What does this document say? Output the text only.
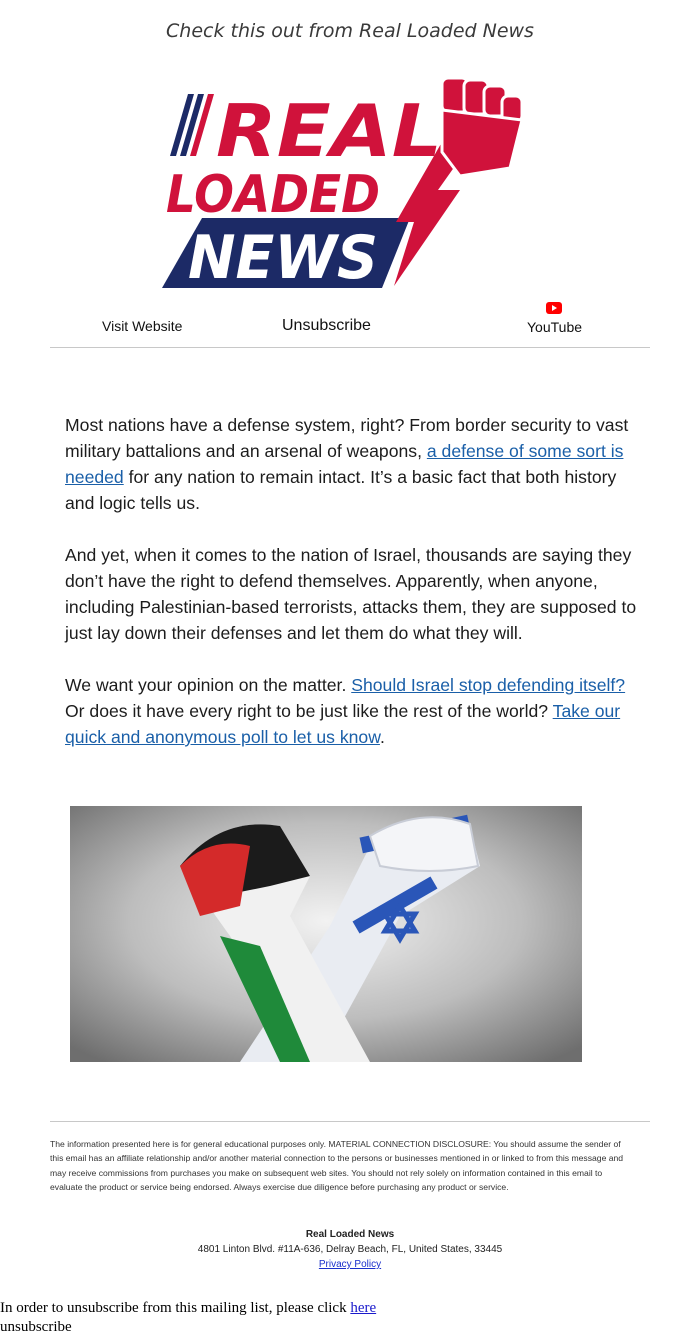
Check this out from Real Loaded News
REAL
LOADED
NEWS
Visit Website	Unsubscribe	YouTube

Most nations have a defense system, right? From border security to vast military battalions and an arsenal of weapons, a defense of some sort is needed for any nation to remain intact. It’s a basic fact that both history and logic tells us.

And yet, when it comes to the nation of Israel, thousands are saying they don’t have the right to defend themselves. Apparently, when anyone, including Palestinian-based terrorists, attacks them, they are supposed to just lay down their defenses and let them do what they will.

We want your opinion on the matter. Should Israel stop defending itself? Or does it have every right to be just like the rest of the world? Take our quick and anonymous poll to let us know.

The information presented here is for general educational purposes only. MATERIAL CONNECTION DISCLOSURE: You should assume the sender of this email has an affiliate relationship and/or another material connection to the persons or businesses mentioned in or linked to from this message and may receive commissions from purchases you make on subsequent web sites. You should not rely solely on information contained in this email to evaluate the product or service being endorsed. Always exercise due diligence before purchasing any product or service.
Real Loaded News
4801 Linton Blvd. #11A-636, Delray Beach, FL, United States, 33445
Privacy Policy
In order to unsubscribe from this mailing list, please click here
unsubscribe
